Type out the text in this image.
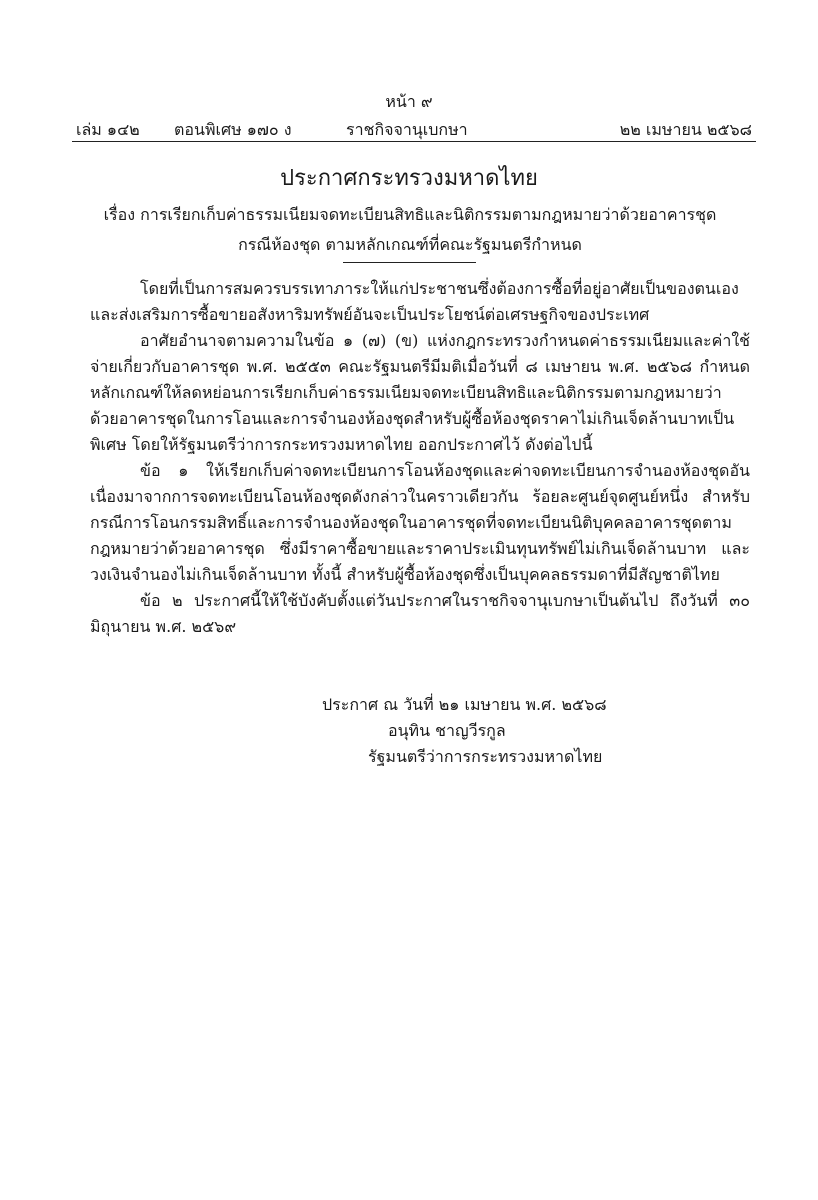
หน้า ๙
เล่ม ๑๔๒ ตอนพิเศษ ๑๗๐ ง	ราชกิจจานุเบกษา	๒๒ เมษายน ๒๕๖๘
ประกาศกระทรวงมหาดไทย
เรื่อง การเรียกเก็บค่าธรรมเนียมจดทะเบียนสิทธิและนิติกรรมตามกฎหมายว่าด้วยอาคารชุด
กรณีห้องชุด ตามหลักเกณฑ์ที่คณะรัฐมนตรีกำหนด

โดยที่เป็นการสมควรบรรเทาภาระให้แก่ประชาชนซึ่งต้องการซื้อที่อยู่อาศัยเป็นของตนเอง และส่งเสริมการซื้อขายอสังหาริมทรัพย์อันจะเป็นประโยชน์ต่อเศรษฐกิจของประเทศ

อาศัยอำนาจตามความในข้อ ๑ (๗) (ข) แห่งกฎกระทรวงกำหนดค่าธรรมเนียมและค่าใช้จ่ายเกี่ยวกับอาคารชุด พ.ศ. ๒๕๕๓ คณะรัฐมนตรีมีมติเมื่อวันที่ ๘ เมษายน พ.ศ. ๒๕๖๘ กำหนดหลักเกณฑ์ให้ลดหย่อนการเรียกเก็บค่าธรรมเนียมจดทะเบียนสิทธิและนิติกรรมตามกฎหมายว่าด้วยอาคารชุดในการโอนและการจำนองห้องชุดสำหรับผู้ซื้อห้องชุดราคาไม่เกินเจ็ดล้านบาทเป็นพิเศษ โดยให้รัฐมนตรีว่าการกระทรวงมหาดไทย ออกประกาศไว้ ดังต่อไปนี้

ข้อ ๑ ให้เรียกเก็บค่าจดทะเบียนการโอนห้องชุดและค่าจดทะเบียนการจำนองห้องชุดอันเนื่องมาจากการจดทะเบียนโอนห้องชุดดังกล่าวในคราวเดียวกัน ร้อยละศูนย์จุดศูนย์หนึ่ง สำหรับกรณีการโอนกรรมสิทธิ์และการจำนองห้องชุดในอาคารชุดที่จดทะเบียนนิติบุคคลอาคารชุดตามกฎหมายว่าด้วยอาคารชุด ซึ่งมีราคาซื้อขายและราคาประเมินทุนทรัพย์ไม่เกินเจ็ดล้านบาท และวงเงินจำนองไม่เกินเจ็ดล้านบาท ทั้งนี้ สำหรับผู้ซื้อห้องชุดซึ่งเป็นบุคคลธรรมดาที่มีสัญชาติไทย

ข้อ ๒ ประกาศนี้ให้ใช้บังคับตั้งแต่วันประกาศในราชกิจจานุเบกษาเป็นต้นไป ถึงวันที่ ๓๐ มิถุนายน พ.ศ. ๒๕๖๙

ประกาศ ณ วันที่ ๒๑ เมษายน พ.ศ. ๒๕๖๘
อนุทิน ชาญวีรกูล
รัฐมนตรีว่าการกระทรวงมหาดไทย
